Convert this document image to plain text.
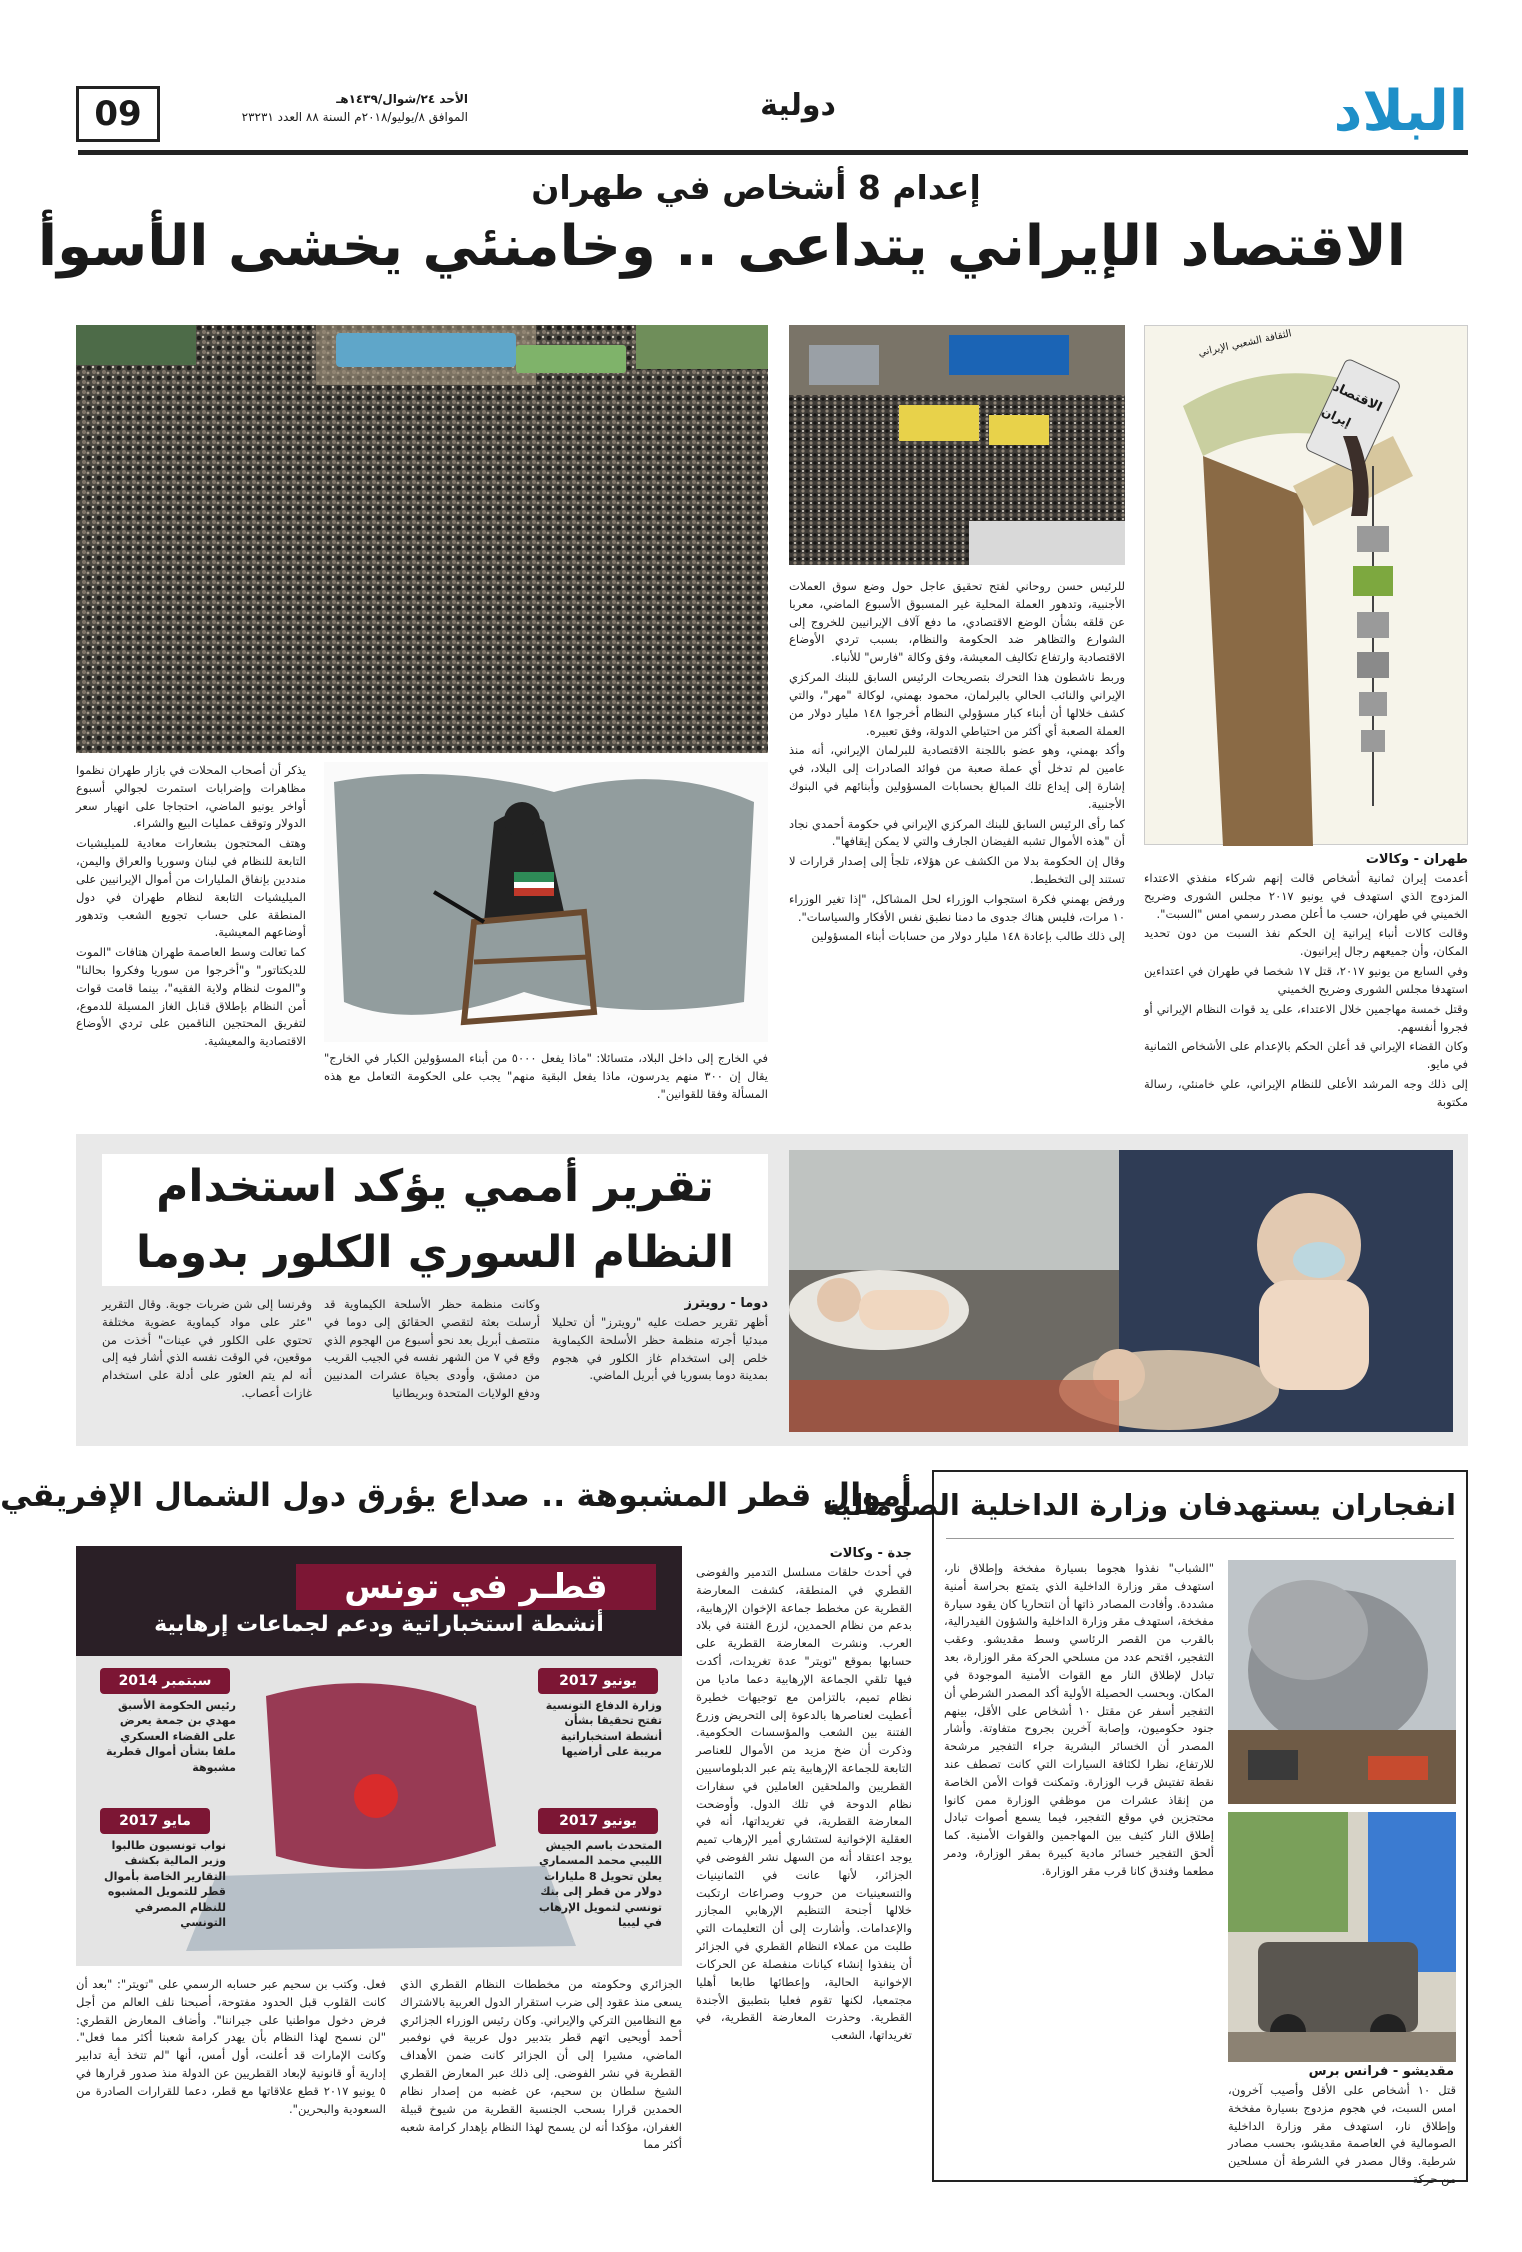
البلاد
دولية
الأحد ٢٤/شوال/١٤٣٩هـ
الموافق ٨/يوليو/٢٠١٨م السنة ٨٨ العدد ٢٣٢٣١
09
إعدام 8 أشخاص في طهران
الاقتصاد الإيراني يتداعى .. وخامنئي يخشى الأسوأ
الثقافة الشعبي الإيراني
الاقتصاد
إيران
طهران - وكالات

أعدمت إيران ثمانية أشخاص قالت إنهم شركاء منفذي الاعتداء المزدوج الذي استهدف في يونيو ٢٠١٧ مجلس الشورى وضريح الخميني في طهران، حسب ما أعلن مصدر رسمي امس "السبت".

وقالت كالات أنباء إيرانية إن الحكم نفذ السبت من دون تحديد المكان، وأن جميعهم رجال إيرانيون.

وفي السابع من يونيو ٢٠١٧، قتل ١٧ شخصا في طهران في اعتداءين استهدفا مجلس الشورى وضريح الخميني

وقتل خمسة مهاجمين خلال الاعتداء، على يد قوات النظام الإيراني أو فجروا أنفسهم.

وكان القضاء الإيراني قد أعلن الحكم بالإعدام على الأشخاص الثمانية في مايو.

إلى ذلك وجه المرشد الأعلى للنظام الإيراني، علي خامنئي، رسالة مكتوبة

للرئيس حسن روحاني لفتح تحقيق عاجل حول وضع سوق العملات الأجنبية، وتدهور العملة المحلية غير المسبوق الأسبوع الماضي، معربا عن قلقه بشأن الوضع الاقتصادي، ما دفع آلاف الإيرانيين للخروج إلى الشوارع والتظاهر ضد الحكومة والنظام، بسبب تردي الأوضاع الاقتصادية وارتفاع تكاليف المعيشة، وفق وكالة "فارس" للأنباء.

وربط ناشطون هذا التحرك بتصريحات الرئيس السابق للبنك المركزي الإيراني والنائب الحالي بالبرلمان، محمود بهمني، لوكالة "مهر"، والتي كشف خلالها أن أبناء كبار مسؤولي النظام أخرجوا ١٤٨ مليار دولار من العملة الصعبة أي أكثر من احتياطي الدولة، وفق تعبيره.

وأكد بهمني، وهو عضو باللجنة الاقتصادية للبرلمان الإيراني، أنه منذ عامين لم تدخل أي عملة صعبة من فوائد الصادرات إلى البلاد، في إشارة إلى إيداع تلك المبالغ بحسابات المسؤولين وأبنائهم في البنوك الأجنبية.

كما رأى الرئيس السابق للبنك المركزي الإيراني في حكومة أحمدي نجاد أن "هذه الأموال تشبه الفيضان الجارف والتي لا يمكن إيقافها".

وقال إن الحكومة بدلا من الكشف عن هؤلاء، تلجأ إلى إصدار قرارات لا تستند إلى التخطيط.

ورفض بهمني فكرة استجواب الوزراء لحل المشاكل، "إذا تغير الوزراء ١٠ مرات، فليس هناك جدوى ما دمنا نطبق نفس الأفكار والسياسات".

إلى ذلك طالب بإعادة ١٤٨ مليار دولار من حسابات أبناء المسؤولين

يذكر أن أصحاب المحلات في بازار طهران نظموا مظاهرات وإضرابات استمرت لجوالي أسبوع أواخر يونيو الماضي، احتجاجا على انهيار سعر الدولار وتوقف عمليات البيع والشراء.

وهتف المحتجون بشعارات معادية للميليشيات التابعة للنظام في لبنان وسوريا والعراق واليمن، منددين بإنفاق المليارات من أموال الإيرانيين على الميليشيات التابعة لنظام طهران في دول المنطقة على حساب تجويع الشعب وتدهور أوضاعهم المعيشية.

كما تعالت وسط العاصمة طهران هتافات "الموت للديكتاتور" و"أخرجوا من سوريا وفكروا بحالنا" و"الموت لنظام ولاية الفقيه"، بينما قامت قوات أمن النظام بإطلاق قنابل الغاز المسيلة للدموع، لتفريق المحتجين الناقمين على تردي الأوضاع الاقتصادية والمعيشية.

في الخارج إلى داخل البلاد، متسائلا: "ماذا يفعل ٥٠٠٠ من أبناء المسؤولين الكبار في الخارج" يقال إن ٣٠٠ منهم يدرسون، ماذا يفعل البقية منهم" يجب على الحكومة التعامل مع هذه المسألة وفقا للقوانين".
تقرير أممي يؤكد استخدام
النظام السوري الكلور بدوما
دوما - رويترز
أظهر تقرير حصلت عليه "رويترز" أن تحليلا مبدئيا أجرته منظمة حظر الأسلحة الكيماوية خلص إلى استخدام غاز الكلور في هجوم بمدينة دوما بسوريا في أبريل الماضي.
وكانت منظمة حظر الأسلحة الكيماوية قد أرسلت بعثة لتقصي الحقائق إلى دوما في منتصف أبريل بعد نحو أسبوع من الهجوم الذي وقع في ٧ من الشهر نفسه في الجيب القريب من دمشق، وأودى بحياة عشرات المدنيين ودفع الولايات المتحدة وبريطانيا
وفرنسا إلى شن ضربات جوية. وقال التقرير "عثر على مواد كيماوية عضوية مختلفة تحتوي على الكلور في عينات" أخذت من موقعين، في الوقت نفسه الذي أشار فيه إلى أنه لم يتم العثور على أدلة على استخدام غازات أعصاب.
انفجاران يستهدفان وزارة الداخلية الصومالية
مقديشو - فرانس برس
قتل ١٠ أشخاص على الأقل وأصيب آخرون، امس السبت، في هجوم مزدوج بسيارة مفخخة وإطلاق نار، استهدف مقر وزارة الداخلية الصومالية في العاصمة مقديشو، بحسب مصادر شرطية. وقال مصدر في الشرطة أن مسلحين من حركة
"الشباب" نفذوا هجوما بسيارة مفخخة وإطلاق نار، استهدف مقر وزارة الداخلية الذي يتمتع بحراسة أمنية مشددة. وأفادت المصادر ذاتها أن انتحاريا كان يقود سيارة مفخخة، استهدف مقر وزارة الداخلية والشؤون الفيدرالية، بالقرب من القصر الرئاسي وسط مقديشو. وعقب التفجير، اقتحم عدد من مسلحي الحركة مقر الوزارة، بعد تبادل لإطلاق النار مع القوات الأمنية الموجودة في المكان. وبحسب الحصيلة الأولية أكد المصدر الشرطي أن التفجير أسفر عن مقتل ١٠ أشخاص على الأقل، بينهم جنود حكوميون، وإصابة آخرين بجروح متفاوتة. وأشار المصدر أن الخسائر البشرية جراء التفجير مرشحة للارتفاع، نظرا لكثافة السيارات التي كانت تصطف عند نقطة تفتيش قرب الوزارة. وتمكنت قوات الأمن الخاصة من إنقاذ عشرات من موظفي الوزارة ممن كانوا محتجزين في موقع التفجير، فيما يسمع أصوات تبادل إطلاق النار كثيف بين المهاجمين والقوات الأمنية. كما ألحق التفجير خسائر مادية كبيرة بمقر الوزارة، ودمر مطعما وفندق كانا قرب مقر الوزارة.
أموال قطر المشبوهة .. صداع يؤرق دول الشمال الإفريقي
قطـر في تونس
أنشطة استخباراتية ودعم لجماعات إرهابية
يونيو 2017
وزارة الدفاع التونسية تفتح تحقيقا بشأن أنشطة استخباراتية مريبة على أراضيها
سبتمبر 2014
رئيس الحكومة الأسبق مهدي بن جمعة يعرض على القضاء العسكري ملفا بشأن أموال قطرية مشبوهة
يونيو 2017
المتحدث باسم الجيش الليبي محمد المسماري يعلن تحويل 8 مليارات دولار من قطر إلى بنك تونسي لتمويل الإرهاب في ليبيا
مايو 2017
نواب تونسيون طالبوا وزير المالية بكشف التقارير الخاصة بأموال قطر للتمويل المشبوه للنظام المصرفي التونسي
جدة - وكالات
في أحدث حلقات مسلسل التدمير والفوضى القطري في المنطقة، كشفت المعارضة القطرية عن مخطط جماعة الإخوان الإرهابية، بدعم من نظام الحمدين، لزرع الفتنة في بلاد العرب. ونشرت المعارضة القطرية على حسابها بموقع "تويتر" عدة تغريدات، أكدت فيها تلقي الجماعة الإرهابية دعما ماديا من نظام تميم، بالتزامن مع توجيهات خطيرة أعطيت لعناصرها بالدعوة إلى التحريض وزرع الفتنة بين الشعب والمؤسسات الحكومية. وذكرت أن ضخ مزيد من الأموال للعناصر التابعة للجماعة الإرهابية يتم عبر الدبلوماسيين القطريين والملحقين العاملين في سفارات نظام الدوحة في تلك الدول. وأوضحت المعارضة القطرية، في تغريداتها، أنه في العقلية الإخوانية لستشاري أمير الإرهاب تميم يوجد اعتقاد أنه من السهل نشر الفوضى في الجزائر، لأنها عانت في الثمانينيات والتسعينيات من حروب وصراعات ارتكبت خلالها أجنحة التنظيم الإرهابي المجازر والإعدامات. وأشارت إلى أن التعليمات التي طلبت من عملاء النظام القطري في الجزائر أن ينفذوا إنشاء كيانات منفصلة عن الحركات الإخوانية الحالية، وإعطائها طابعا أهليا مجتمعيا، لكنها تقوم فعليا بتطبيق الأجندة القطرية. وحذرت المعارضة القطرية، في تغريداتها، الشعب
الجزائري وحكومته من مخططات النظام القطري الذي يسعى منذ عقود إلى ضرب استقرار الدول العربية بالاشتراك مع النظامين التركي والإيراني. وكان رئيس الوزراء الجزائري أحمد أويحيى اتهم قطر بتدبير دول عربية في نوفمبر الماضي، مشيرا إلى أن الجزائر كانت ضمن الأهداف القطرية في نشر الفوضى. إلى ذلك عبر المعارض القطري الشيخ سلطان بن سحيم، عن غضبه من إصدار نظام الحمدين قرارا بسحب الجنسية القطرية من شيوخ قبيلة الغفران، مؤكدا أنه لن يسمح لهذا النظام بإهدار كرامة شعبه أكثر مما
فعل. وكتب بن سحيم عبر حسابه الرسمي على "تويتر": "بعد أن كانت القلوب قبل الحدود مفتوحة، أصبحنا نلف العالم من أجل فرض دخول مواطنيا على جيراننا". وأضاف المعارض القطري: "لن نسمح لهذا النظام بأن يهدر كرامة شعبنا أكثر مما فعل". وكانت الإمارات قد أعلنت، أول أمس، أنها "لم تتخذ أية تدابير إدارية أو قانونية لإبعاد القطريين عن الدولة منذ صدور قرارها في ٥ يونيو ٢٠١٧ قطع علاقاتها مع قطر، دعما للقرارات الصادرة من السعودية والبحرين".
